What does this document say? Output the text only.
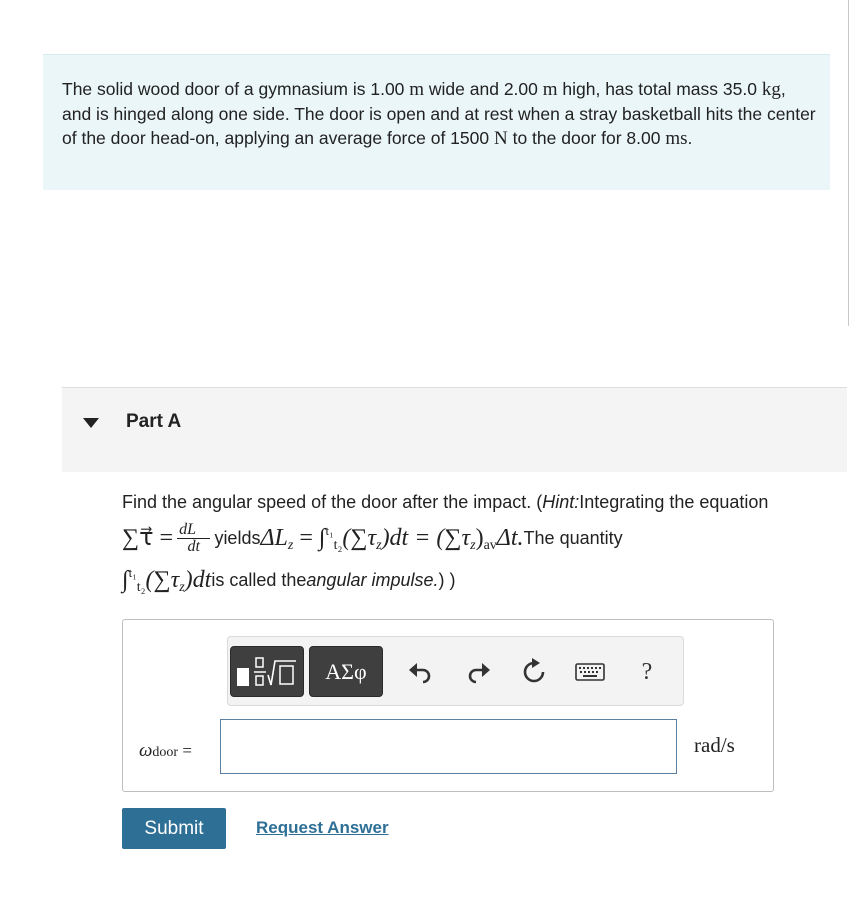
The solid wood door of a gymnasium is 1.00 m wide and 2.00 m high, has total mass 35.0 kg, and is hinged along one side. The door is open and at rest when a stray basketball hits the center of the door head-on, applying an average force of 1500 N to the door for 8.00 ms.

Part A
Find the angular speed of the door after the impact. ( Hint: Integrating the equation
∑τ⃗ = $\frac{dL⃗}{dt}$ yields $\Delta L_z = \int^{t_1}_{t_2}(\sum\tau_z)dt = (\sum\tau_z)_{av}\Delta t$. The quantity
$\int^{t_1}_{t_2}(\sum\tau_z)dt$ is called the angular impulse. ) )
ΑΣφ	?
ωdoor =	rad/s
Submit	Request Answer
